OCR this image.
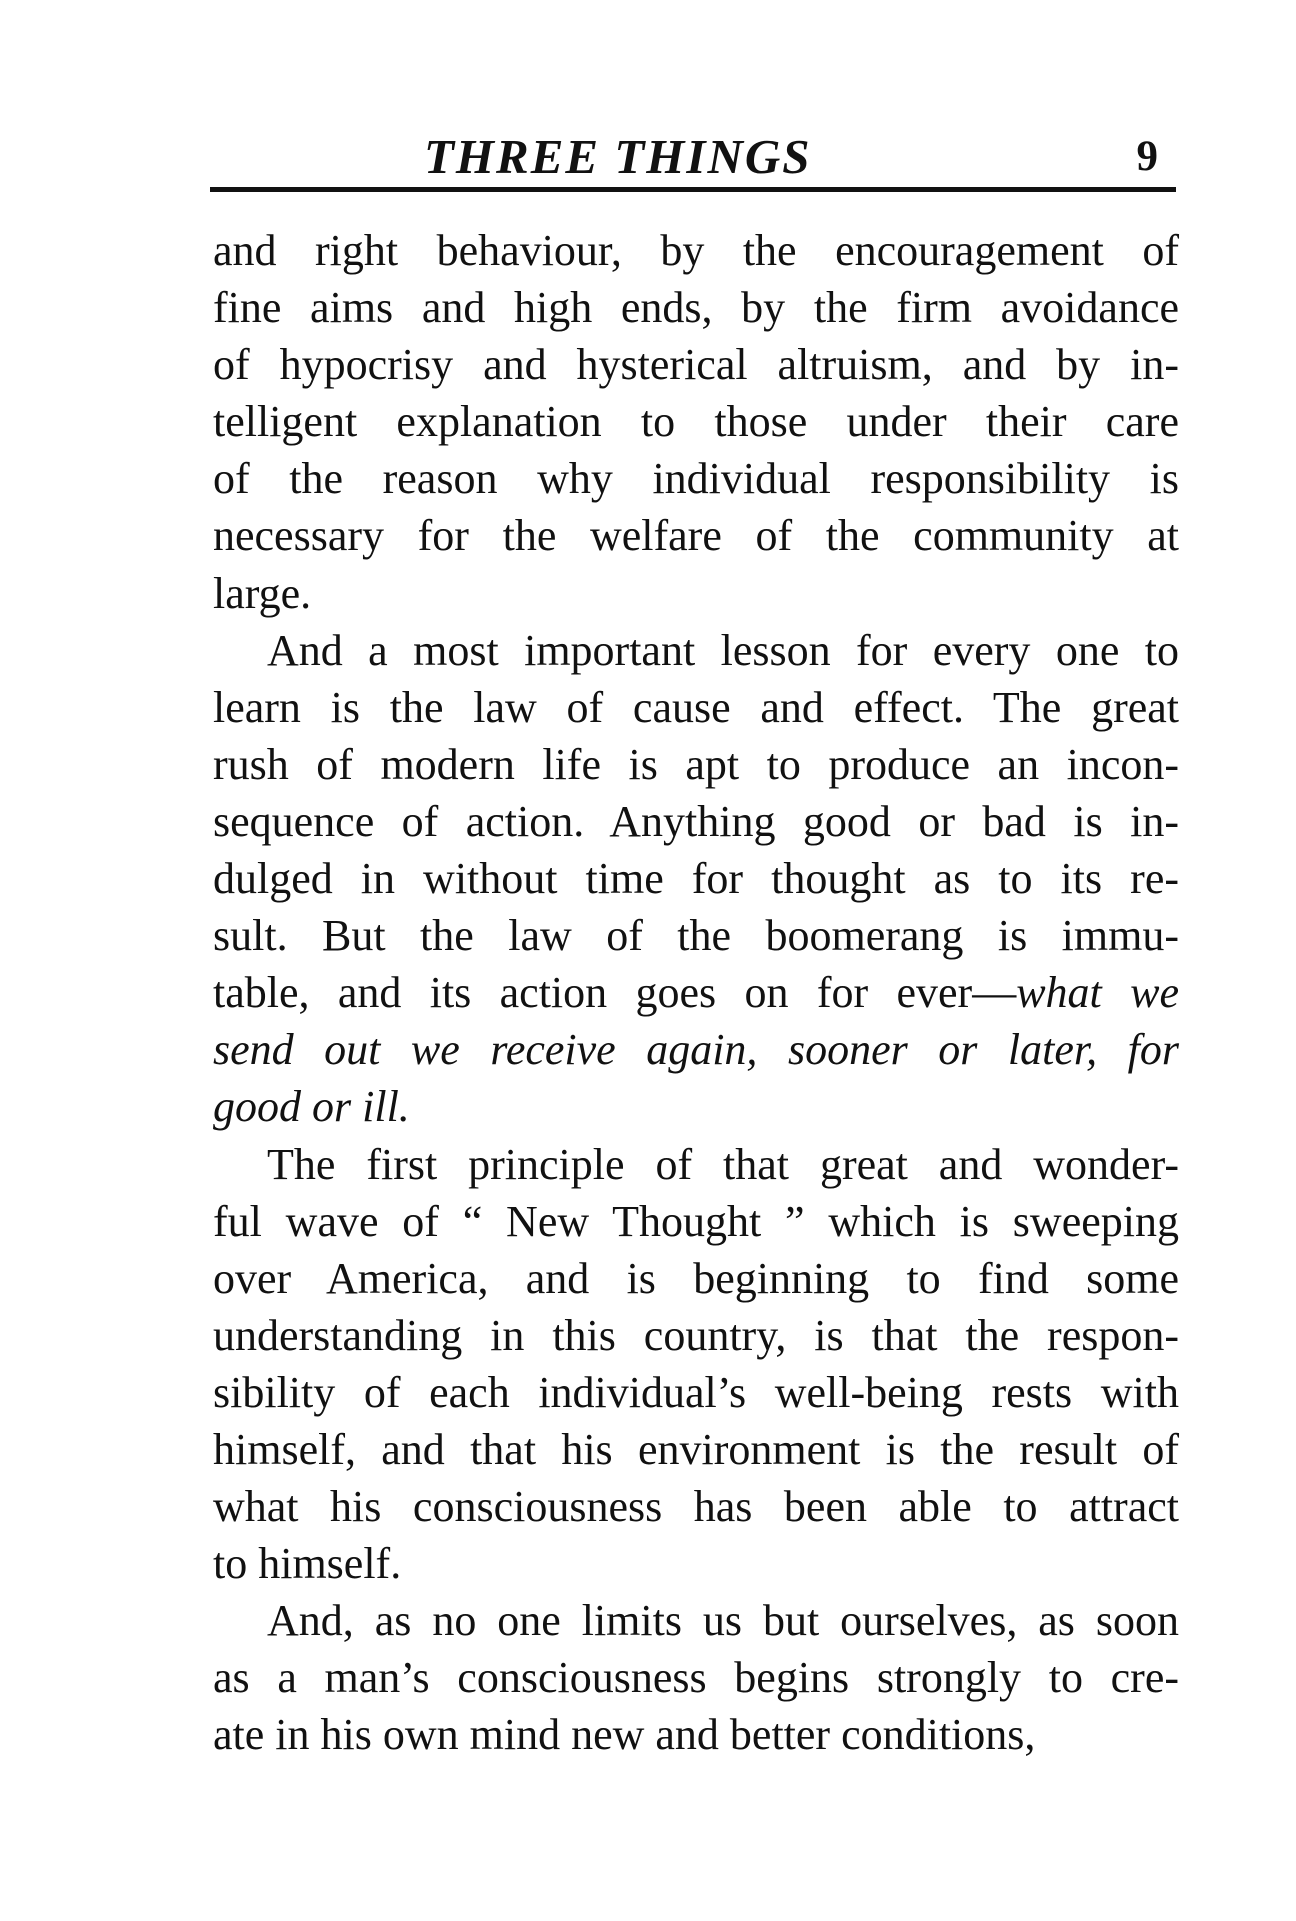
THREE THINGS	9
and right behaviour, by the encouragement of
fine aims and high ends, by the firm avoidance
of hypocrisy and hysterical altruism, and by in-
telligent explanation to those under their care
of the reason why individual responsibility is
necessary for the welfare of the community at
large.
And a most important lesson for every one to
learn is the law of cause and effect. The great
rush of modern life is apt to produce an incon-
sequence of action. Anything good or bad is in-
dulged in without time for thought as to its re-
sult. But the law of the boomerang is immu-
table, and its action goes on for ever—what we
send out we receive again, sooner or later, for
good or ill.
The first principle of that great and wonder-
ful wave of “ New Thought ” which is sweeping
over America, and is beginning to find some
understanding in this country, is that the respon-
sibility of each individual’s well-being rests with
himself, and that his environment is the result of
what his consciousness has been able to attract
to himself.
And, as no one limits us but ourselves, as soon
as a man’s consciousness begins strongly to cre-
ate in his own mind new and better conditions,
